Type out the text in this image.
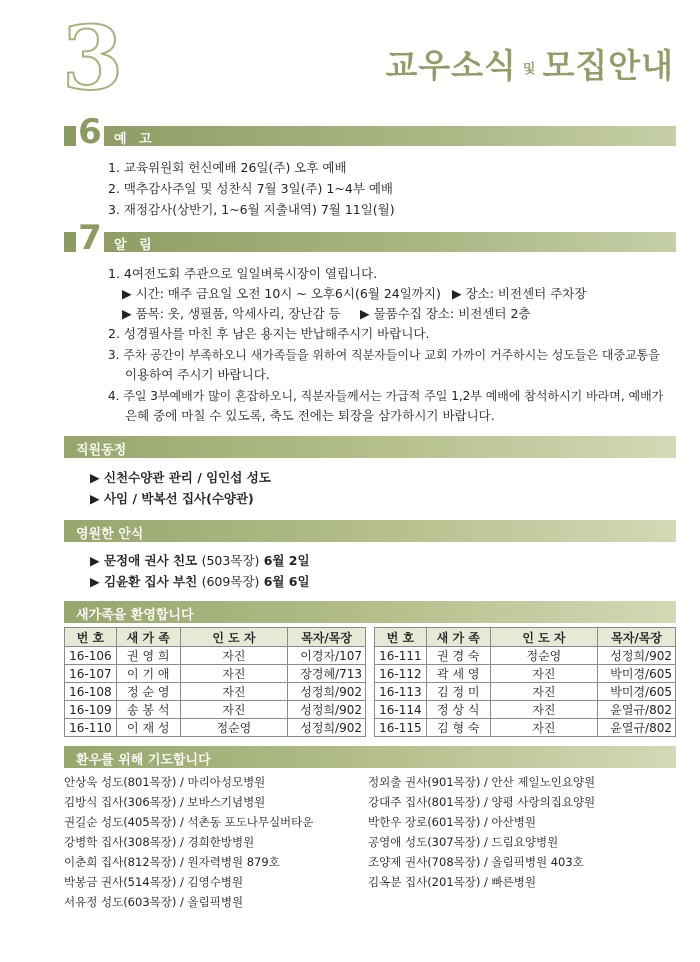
3	교우소식 및 모집안내
6 예 고
1. 교육위원회 헌신예배 26일(주) 오후 예배
2. 맥추감사주일 및 성찬식 7월 3일(주) 1~4부 예배
3. 재정감사(상반기, 1~6월 지출내역) 7월 11일(월)
7 알 림
1. 4여전도회 주관으로 일일벼룩시장이 열립니다.
▶ 시간: 매주 금요일 오전 10시 ~ 오후6시(6월 24일까지) ▶ 장소: 비전센터 주차장
▶ 품목: 옷, 생필품, 악세사리, 장난감 등 ▶ 물품수집 장소: 비전센터 2층
2. 성경필사를 마친 후 남은 용지는 반납해주시기 바랍니다.
3. 주차 공간이 부족하오니 새가족들을 위하여 직분자들이나 교회 가까이 거주하시는 성도들은 대중교통을
이용하여 주시기 바랍니다.
4. 주일 3부예배가 많이 혼잡하오니, 직분자들께서는 가급적 주일 1,2부 예배에 참석하시기 바라며, 예배가
은혜 중에 마칠 수 있도록, 축도 전에는 퇴장을 삼가하시기 바랍니다.
직원동정
▶ 신천수양관 관리 / 임인섭 성도
▶ 사임 / 박복선 집사(수양관)
영원한 안식
▶ 문정애 권사 친모 (503목장) 6월 2일
▶ 김윤환 집사 부친 (609목장) 6월 6일
새가족을 환영합니다
번 호	새 가 족	인 도 자	목자/목장
16-106	권 영 희	자진	이경자/107
16-107	이 기 애	자진	장경혜/713
16-108	정 순 영	자진	성정희/902
16-109	송 봉 석	자진	성정희/902
16-110	이 재 성	정순영	성정희/902
번 호	새 가 족	인 도 자	목자/목장
16-111	권 경 숙	정순영	성정희/902
16-112	곽 세 영	자진	박미경/605
16-113	김 정 미	자진	박미경/605
16-114	정 상 식	자진	윤열규/802
16-115	김 형 숙	자진	윤열규/802
환우를 위해 기도합니다
안상욱 성도(801목장) / 마리아성모병원
김방식 집사(306목장) / 보바스기념병원
권길순 성도(405목장) / 석촌동 포도나무실버타운
강병학 집사(308목장) / 경희한방병원
이춘희 집사(812목장) / 원자력병원 879호
박봉금 권사(514목장) / 김영수병원
서유정 성도(603목장) / 올림픽병원
정외출 권사(901목장) / 안산 제일노인요양원
강대주 집사(801목장) / 양평 사랑의집요양원
박한우 장로(601목장) / 아산병원
공영애 성도(307목장) / 드림요양병원
조양제 권사(708목장) / 올림픽병원 403호
김옥분 집사(201목장) / 빠른병원
